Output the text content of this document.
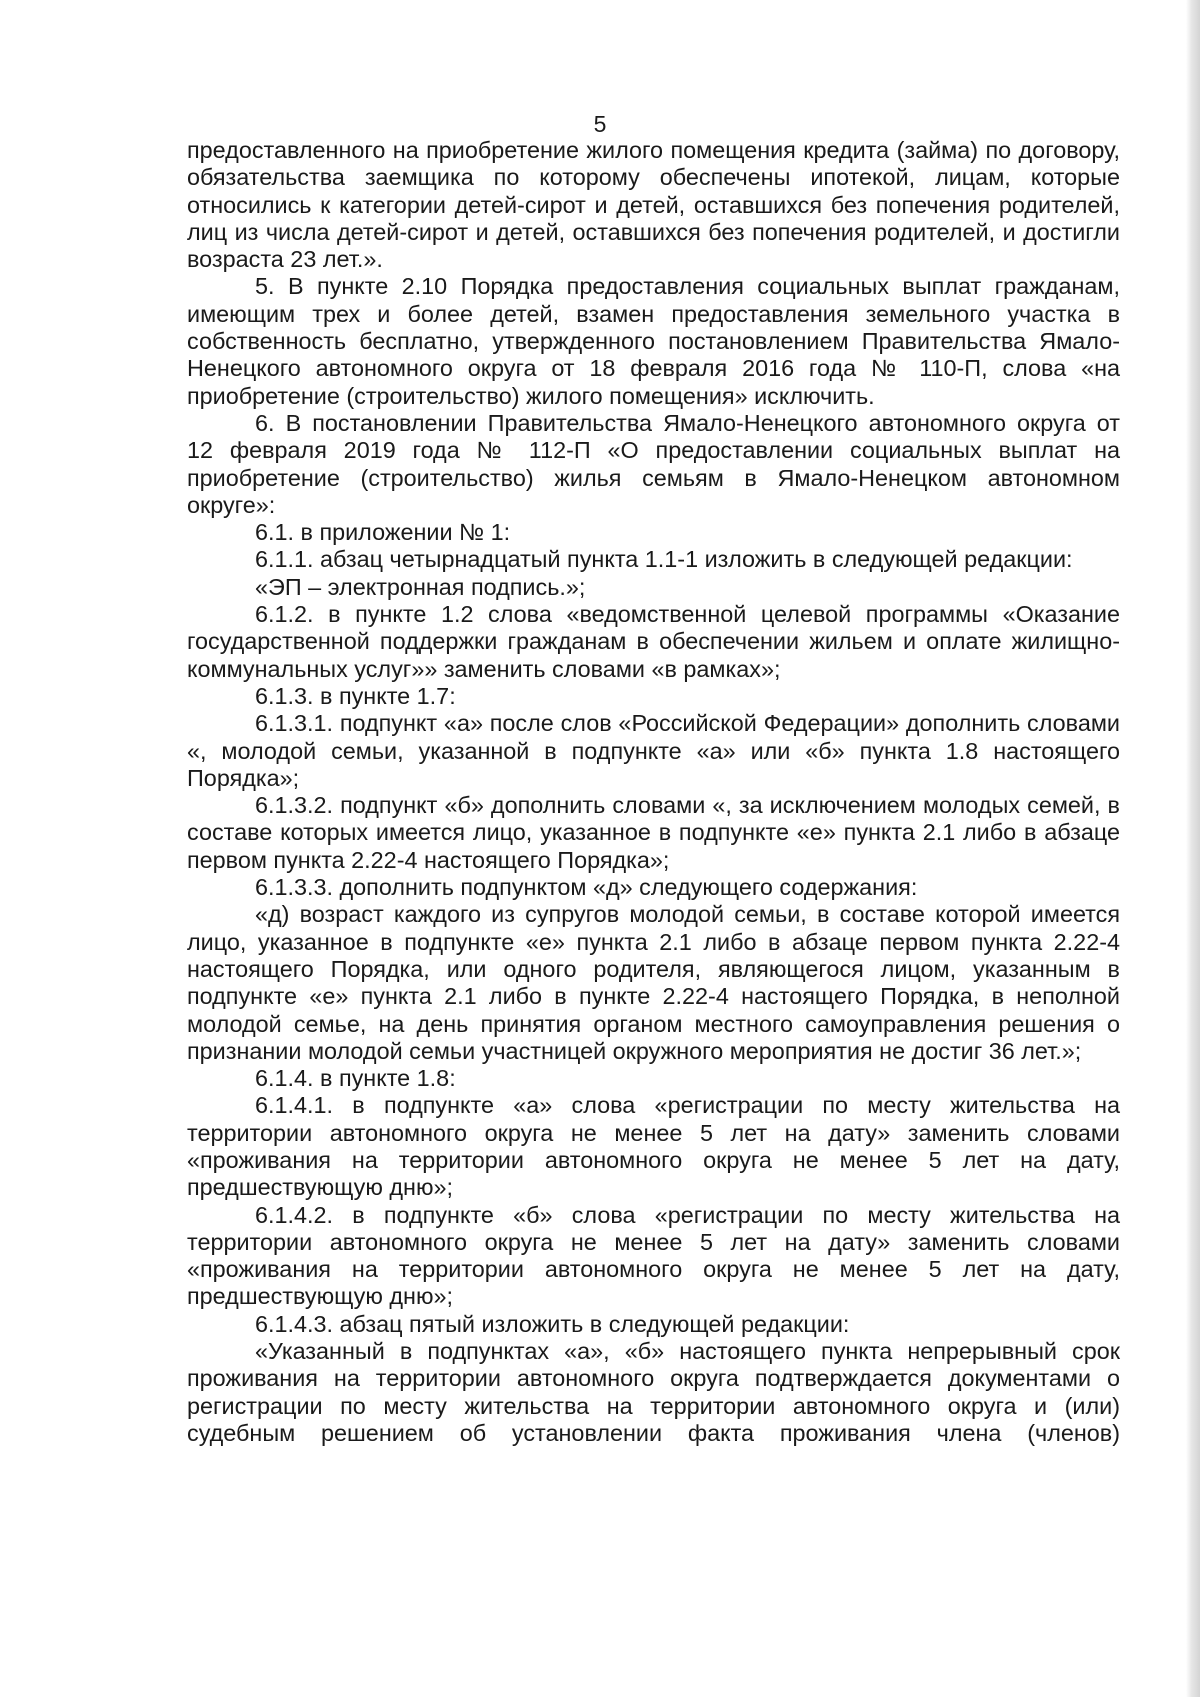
5

предоставленного на приобретение жилого помещения кредита (займа) по договору, обязательства заемщика по которому обеспечены ипотекой, лицам, которые относились к категории детей-сирот и детей, оставшихся без попечения родителей, лиц из числа детей-сирот и детей, оставшихся без попечения родителей, и достигли возраста 23 лет.».

5. В пункте 2.10 Порядка предоставления социальных выплат гражданам, имеющим трех и более детей, взамен предоставления земельного участка в собственность бесплатно, утвержденного постановлением Правительства Ямало-Ненецкого автономного округа от 18 февраля 2016 года № 110-П, слова «на приобретение (строительство) жилого помещения» исключить.

6. В постановлении Правительства Ямало-Ненецкого автономного округа от 12 февраля 2019 года № 112-П «О предоставлении социальных выплат на приобретение (строительство) жилья семьям в Ямало-Ненецком автономном округе»:

6.1. в приложении № 1:

6.1.1. абзац четырнадцатый пункта 1.1-1 изложить в следующей редакции:

«ЭП – электронная подпись.»;

6.1.2. в пункте 1.2 слова «ведомственной целевой программы «Оказание государственной поддержки гражданам в обеспечении жильем и оплате жилищно-коммунальных услуг»» заменить словами «в рамках»;

6.1.3. в пункте 1.7:

6.1.3.1. подпункт «а» после слов «Российской Федерации» дополнить словами «, молодой семьи, указанной в подпункте «а» или «б» пункта 1.8 настоящего Порядка»;

6.1.3.2. подпункт «б» дополнить словами «, за исключением молодых семей, в составе которых имеется лицо, указанное в подпункте «е» пункта 2.1 либо в абзаце первом пункта 2.22-4 настоящего Порядка»;

6.1.3.3. дополнить подпунктом «д» следующего содержания:

«д) возраст каждого из супругов молодой семьи, в составе которой имеется лицо, указанное в подпункте «е» пункта 2.1 либо в абзаце первом пункта 2.22-4 настоящего Порядка, или одного родителя, являющегося лицом, указанным в подпункте «е» пункта 2.1 либо в пункте 2.22-4 настоящего Порядка, в неполной молодой семье, на день принятия органом местного самоуправления решения о признании молодой семьи участницей окружного мероприятия не достиг 36 лет.»;

6.1.4. в пункте 1.8:

6.1.4.1. в подпункте «а» слова «регистрации по месту жительства на территории автономного округа не менее 5 лет на дату» заменить словами «проживания на территории автономного округа не менее 5 лет на дату, предшествующую дню»;

6.1.4.2. в подпункте «б» слова «регистрации по месту жительства на территории автономного округа не менее 5 лет на дату» заменить словами «проживания на территории автономного округа не менее 5 лет на дату, предшествующую дню»;

6.1.4.3. абзац пятый изложить в следующей редакции:

«Указанный в подпунктах «а», «б» настоящего пункта непрерывный срок проживания на территории автономного округа подтверждается документами о регистрации по месту жительства на территории автономного округа и (или) судебным решением об установлении факта проживания члена (членов)
